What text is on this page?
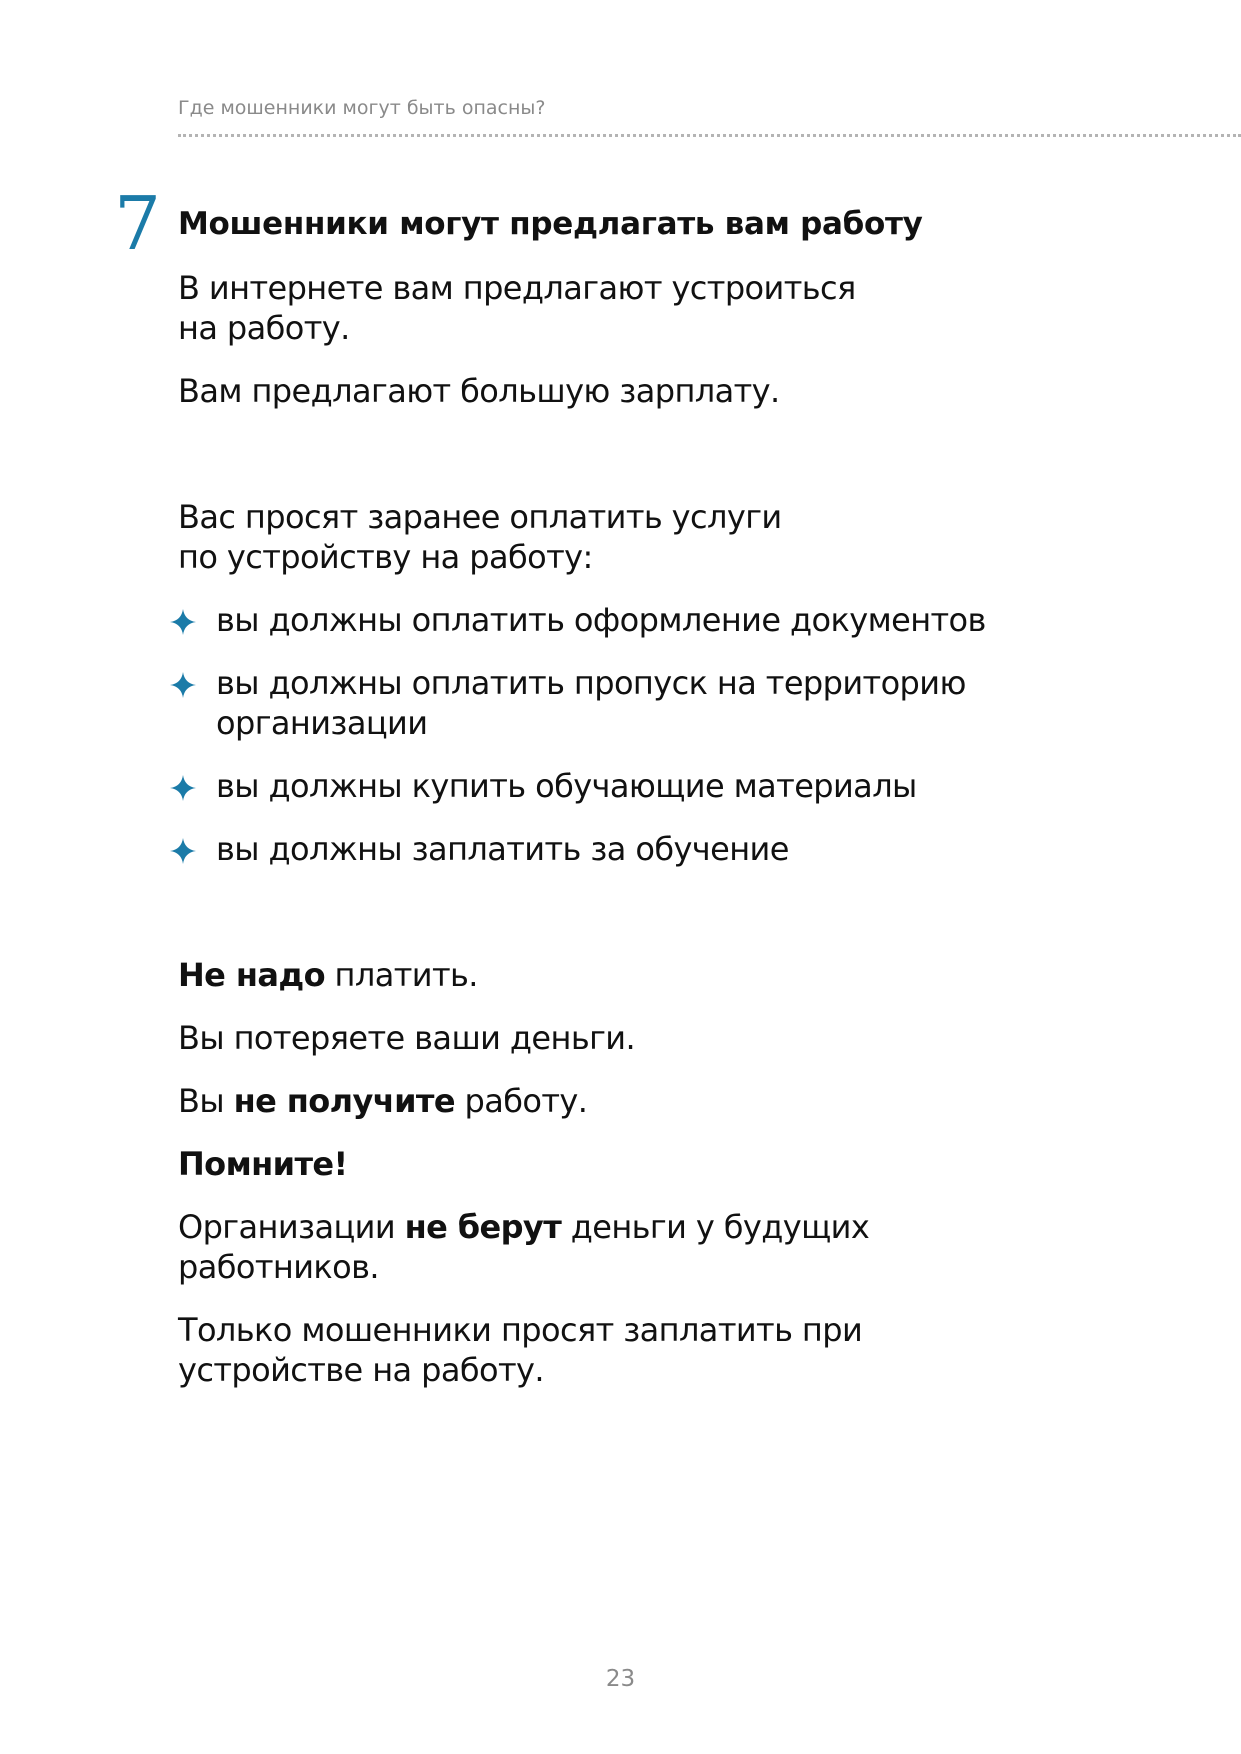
Где мошенники могут быть опасны?
7 Мошенники могут предлагать вам работу

В интернете вам предлагают устроиться
на работу.

Вам предлагают большую зарплату.

Вас просят заранее оплатить услуги
по устройству на работу:

вы должны оплатить оформление документов
вы должны оплатить пропуск на территорию
организации
вы должны купить обучающие материалы
вы должны заплатить за обучение

Не надо платить.

Вы потеряете ваши деньги.

Вы не получите работу.

Помните!

Организации не берут деньги у будущих
работников.

Только мошенники просят заплатить при
устройстве на работу.

23
